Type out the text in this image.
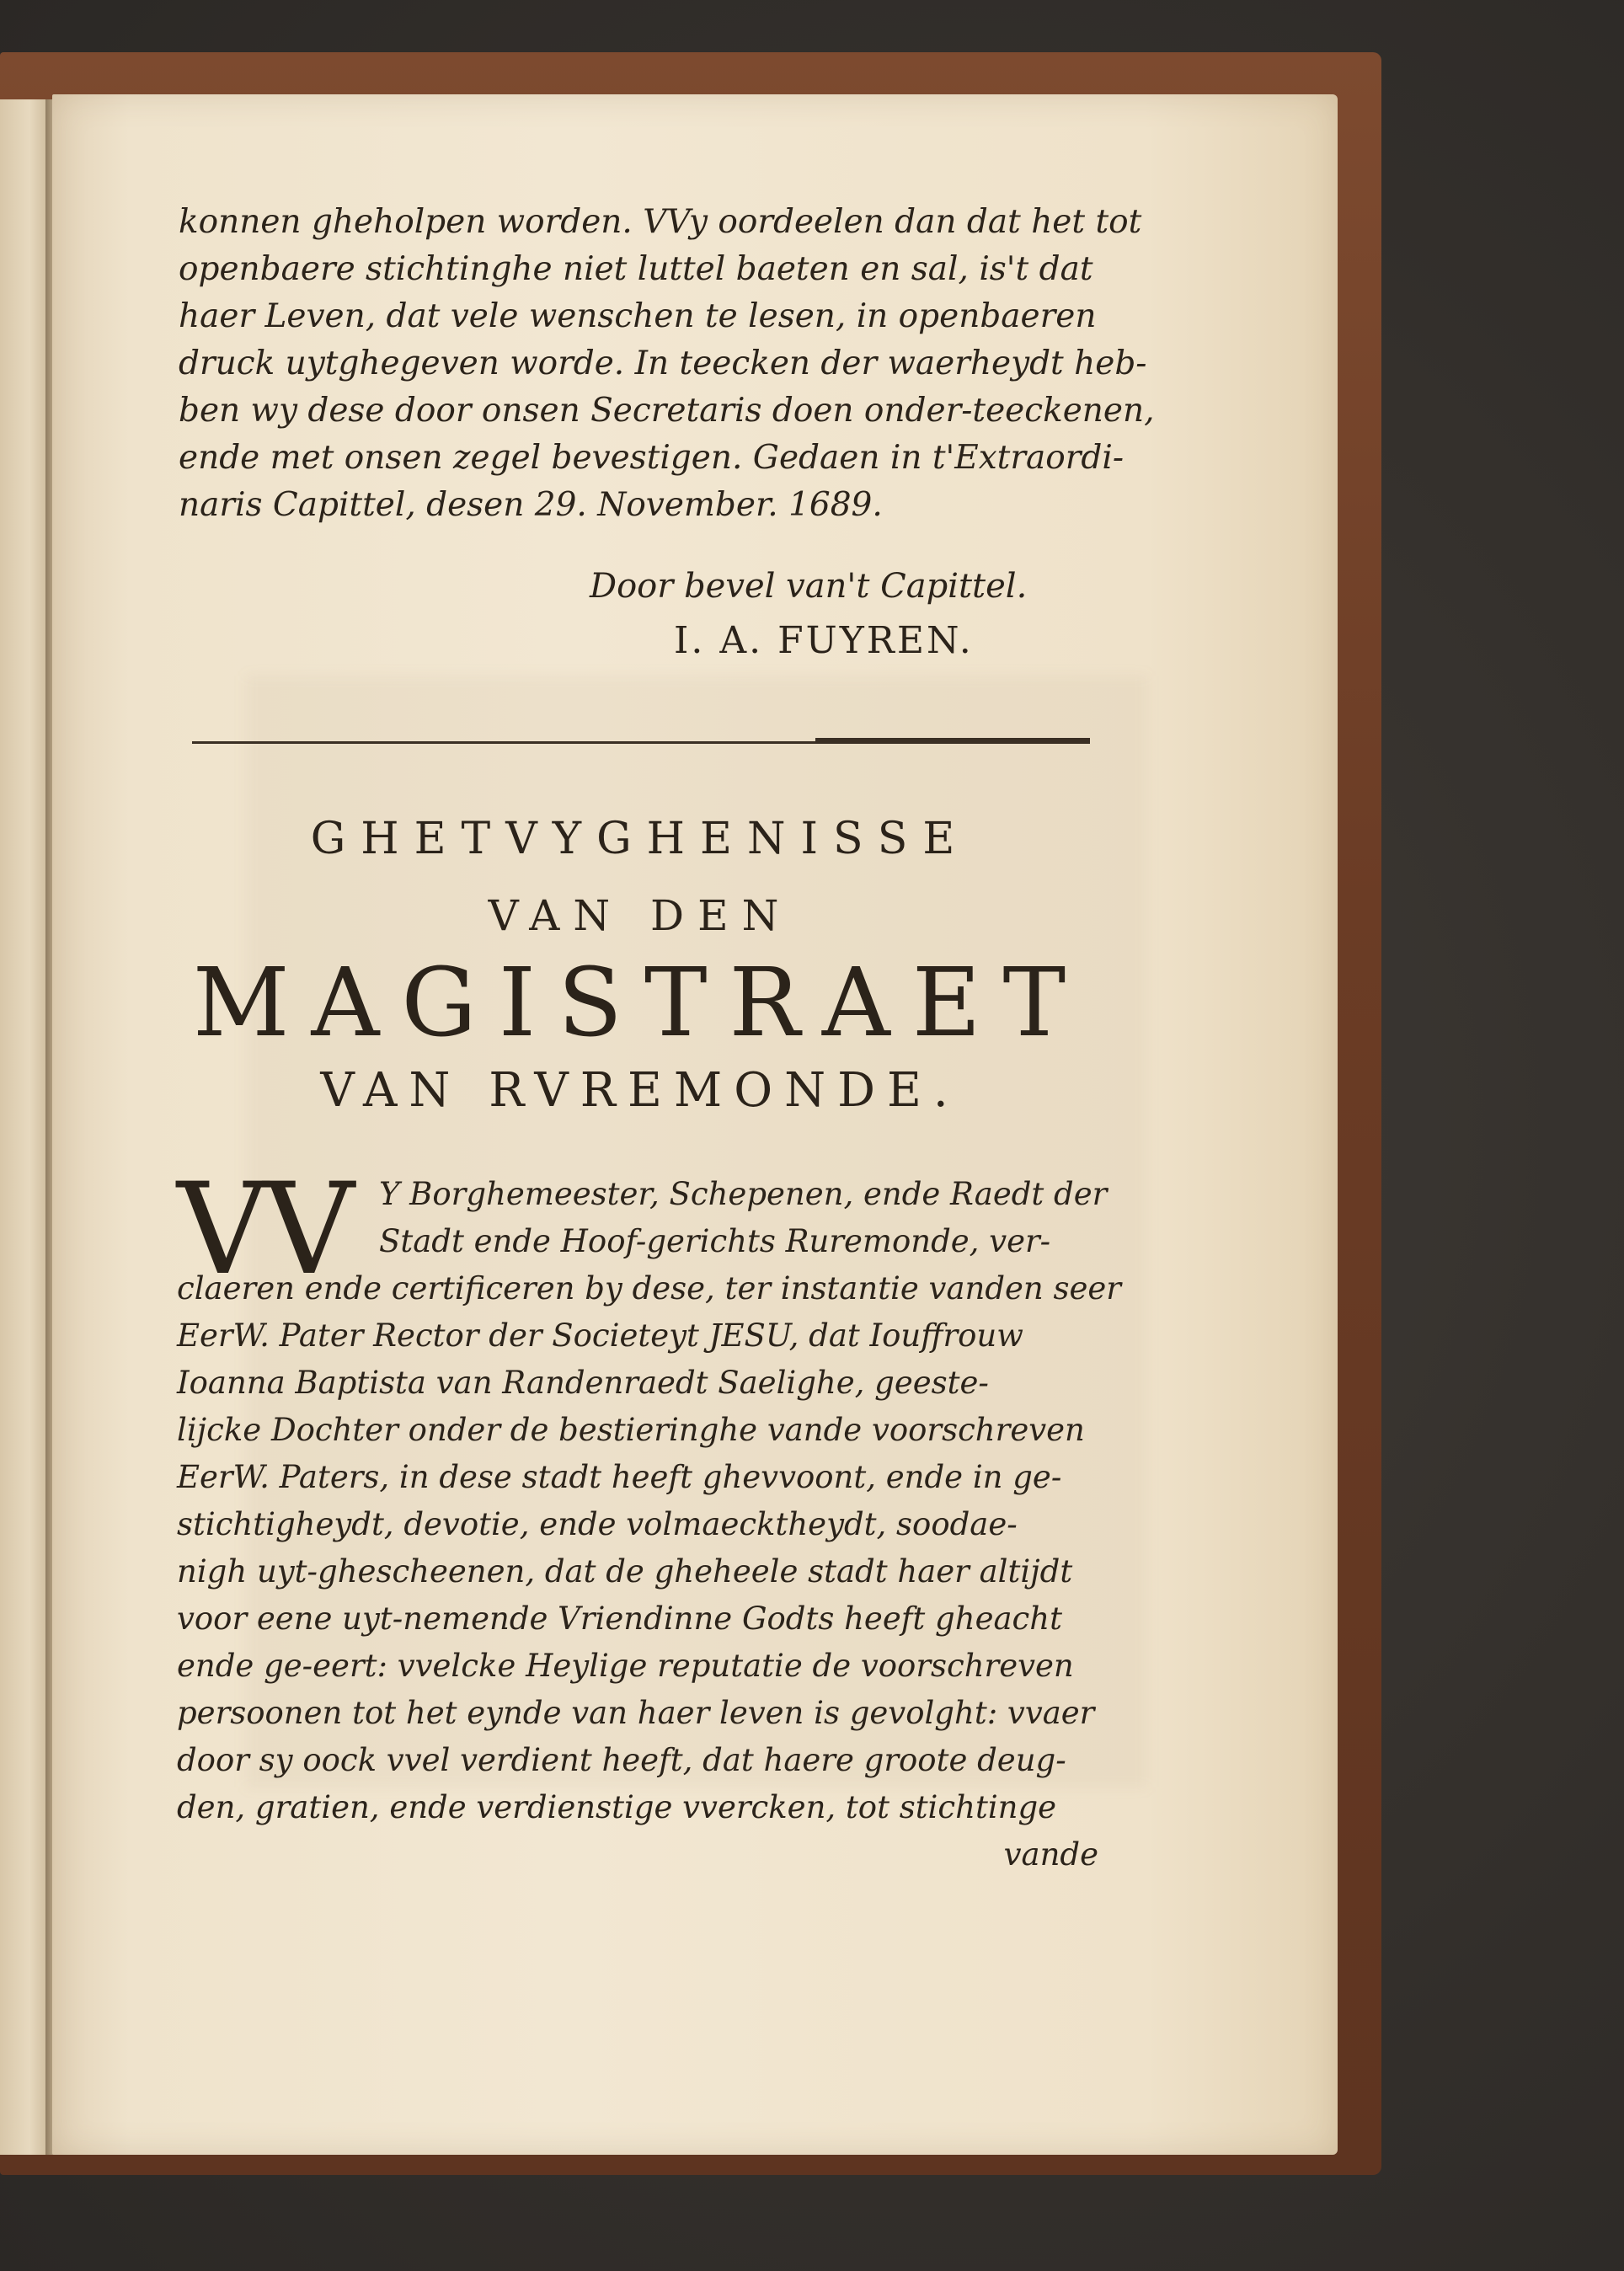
konnen gheholpen worden. VVy oordeelen dan dat het tot
openbaere stichtinghe niet luttel baeten en sal, is't dat
haer Leven, dat vele wenschen te lesen, in openbaeren
druck uytghegeven worde. In teecken der waerheydt heb-
ben wy dese door onsen Secretaris doen onder-teeckenen,
ende met onsen zegel bevestigen. Gedaen in t'Extraordi-
naris Capittel, desen 29. November. 1689.
Door bevel van't Capittel.
I. A. FUYREN.
GHETVYGHENISSE
VAN DEN
MAGISTRAET
VAN RVREMONDE.
VV Y Borghemeester, Schepenen, ende Raedt der
Stadt ende Hoof-gerichts Ruremonde, ver-
claeren ende certificeren by dese, ter instantie vanden seer
EerW. Pater Rector der Societeyt JESU, dat Iouffrouw
Ioanna Baptista van Randenraedt Saelighe, geeste-
lijcke Dochter onder de bestieringhe vande voorschreven
EerW. Paters, in dese stadt heeft ghevvoont, ende in ge-
stichtigheydt, devotie, ende volmaecktheydt, soodae-
nigh uyt-ghescheenen, dat de gheheele stadt haer altijdt
voor eene uyt-nemende Vriendinne Godts heeft gheacht
ende ge-eert: vvelcke Heylige reputatie de voorschreven
persoonen tot het eynde van haer leven is gevolght: vvaer
door sy oock vvel verdient heeft, dat haere groote deug-
den, gratien, ende verdienstige vvercken, tot stichtinge
vande
